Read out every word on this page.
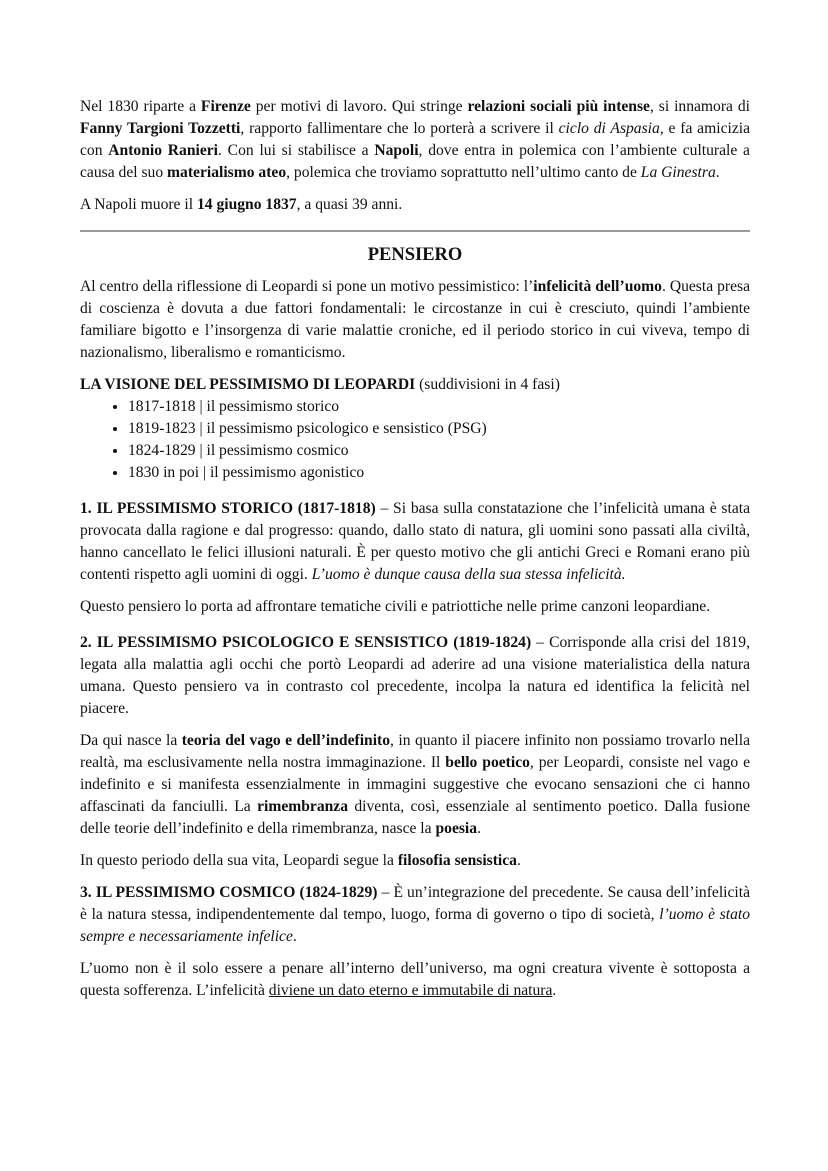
Nel 1830 riparte a Firenze per motivi di lavoro. Qui stringe relazioni sociali più intense, si innamora di Fanny Targioni Tozzetti, rapporto fallimentare che lo porterà a scrivere il ciclo di Aspasia, e fa amicizia con Antonio Ranieri. Con lui si stabilisce a Napoli, dove entra in polemica con l’ambiente culturale a causa del suo materialismo ateo, polemica che troviamo soprattutto nell’ultimo canto de La Ginestra.

A Napoli muore il 14 giugno 1837, a quasi 39 anni.

PENSIERO

Al centro della riflessione di Leopardi si pone un motivo pessimistico: l’infelicità dell’uomo. Questa presa di coscienza è dovuta a due fattori fondamentali: le circostanze in cui è cresciuto, quindi l’ambiente familiare bigotto e l’insorgenza di varie malattie croniche, ed il periodo storico in cui viveva, tempo di nazionalismo, liberalismo e romanticismo.

LA VISIONE DEL PESSIMISMO DI LEOPARDI (suddivisioni in 4 fasi)

• 1817-1818 | il pessimismo storico
• 1819-1823 | il pessimismo psicologico e sensistico (PSG)
• 1824-1829 | il pessimismo cosmico
• 1830 in poi | il pessimismo agonistico

1. IL PESSIMISMO STORICO (1817-1818) – Si basa sulla constatazione che l’infelicità umana è stata provocata dalla ragione e dal progresso: quando, dallo stato di natura, gli uomini sono passati alla civiltà, hanno cancellato le felici illusioni naturali. È per questo motivo che gli antichi Greci e Romani erano più contenti rispetto agli uomini di oggi. L’uomo è dunque causa della sua stessa infelicità.

Questo pensiero lo porta ad affrontare tematiche civili e patriottiche nelle prime canzoni leopardiane.

2. IL PESSIMISMO PSICOLOGICO E SENSISTICO (1819-1824) – Corrisponde alla crisi del 1819, legata alla malattia agli occhi che portò Leopardi ad aderire ad una visione materialistica della natura umana. Questo pensiero va in contrasto col precedente, incolpa la natura ed identifica la felicità nel piacere.

Da qui nasce la teoria del vago e dell’indefinito, in quanto il piacere infinito non possiamo trovarlo nella realtà, ma esclusivamente nella nostra immaginazione. Il bello poetico, per Leopardi, consiste nel vago e indefinito e si manifesta essenzialmente in immagini suggestive che evocano sensazioni che ci hanno affascinati da fanciulli. La rimembranza diventa, così, essenziale al sentimento poetico. Dalla fusione delle teorie dell’indefinito e della rimembranza, nasce la poesia.

In questo periodo della sua vita, Leopardi segue la filosofia sensistica.

3. IL PESSIMISMO COSMICO (1824-1829) – È un’integrazione del precedente. Se causa dell’infelicità è la natura stessa, indipendentemente dal tempo, luogo, forma di governo o tipo di società, l’uomo è stato sempre e necessariamente infelice.

L’uomo non è il solo essere a penare all’interno dell’universo, ma ogni creatura vivente è sottoposta a questa sofferenza. L’infelicità diviene un dato eterno e immutabile di natura.
